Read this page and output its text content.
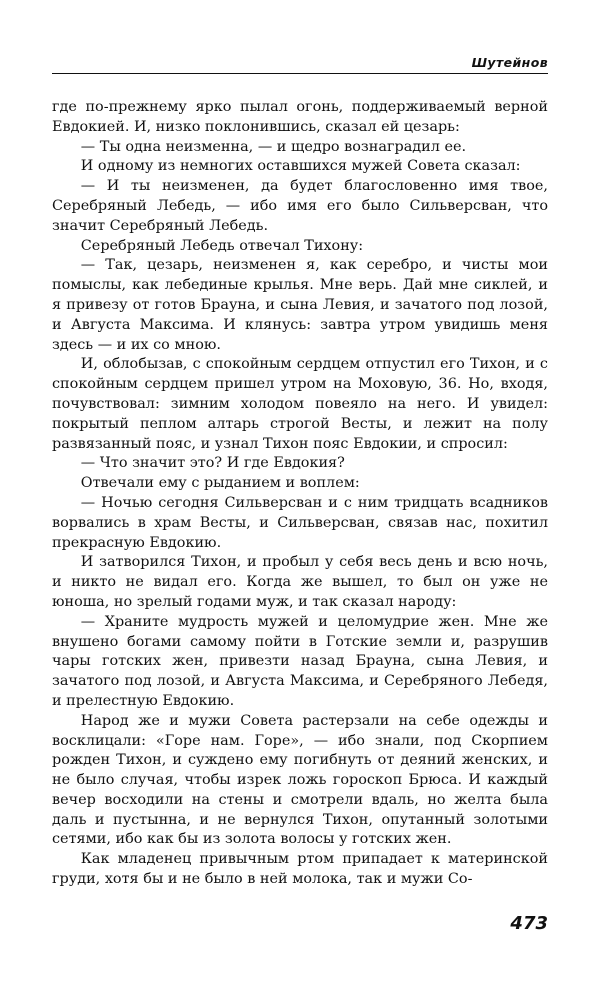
Шутейнов

где по-прежнему ярко пылал огонь, поддерживаемый верной Евдокией. И, низко поклонившись, сказал ей цезарь:

— Ты одна неизменна, — и щедро вознаградил ее.

И одному из немногих оставшихся мужей Совета сказал:

— И ты неизменен, да будет благословенно имя твое, Серебряный Лебедь, — ибо имя его было Сильверсван, что значит Серебряный Лебедь.

Серебряный Лебедь отвечал Тихону:

— Так, цезарь, неизменен я, как серебро, и чисты мои помыслы, как лебединые крылья. Мне верь. Дай мне сиклей, и я привезу от готов Брауна, и сына Левия, и зачатого под лозой, и Августа Максима. И клянусь: завтра утром увидишь меня здесь — и их со мною.

И, облобызав, с спокойным сердцем отпустил его Тихон, и с спокойным сердцем пришел утром на Моховую, 36. Но, входя, почувствовал: зимним холодом повеяло на него. И увидел: покрытый пеплом алтарь строгой Весты, и лежит на полу развязанный пояс, и узнал Тихон пояс Евдокии, и спросил:

— Что значит это? И где Евдокия?

Отвечали ему с рыданием и воплем:

— Ночью сегодня Сильверсван и с ним тридцать всадников ворвались в храм Весты, и Сильверсван, связав нас, похитил прекрасную Евдокию.

И затворился Тихон, и пробыл у себя весь день и всю ночь, и никто не видал его. Когда же вышел, то был он уже не юноша, но зрелый годами муж, и так сказал народу:

— Храните мудрость мужей и целомудрие жен. Мне же внушено богами самому пойти в Готские земли и, разрушив чары готских жен, привезти назад Брауна, сына Левия, и зачатого под лозой, и Августа Максима, и Серебряного Лебедя, и прелестную Евдокию.

Народ же и мужи Совета растерзали на себе одежды и восклицали: «Горе нам. Горе», — ибо знали, под Скорпием рожден Тихон, и суждено ему погибнуть от деяний женских, и не было случая, чтобы изрек ложь гороскоп Брюса. И каждый вечер восходили на стены и смотрели вдаль, но желта была даль и пустынна, и не вернулся Тихон, опутанный золотыми сетями, ибо как бы из золота волосы у готских жен.

Как младенец привычным ртом припадает к материнской груди, хотя бы и не было в ней молока, так и мужи Со-

473
